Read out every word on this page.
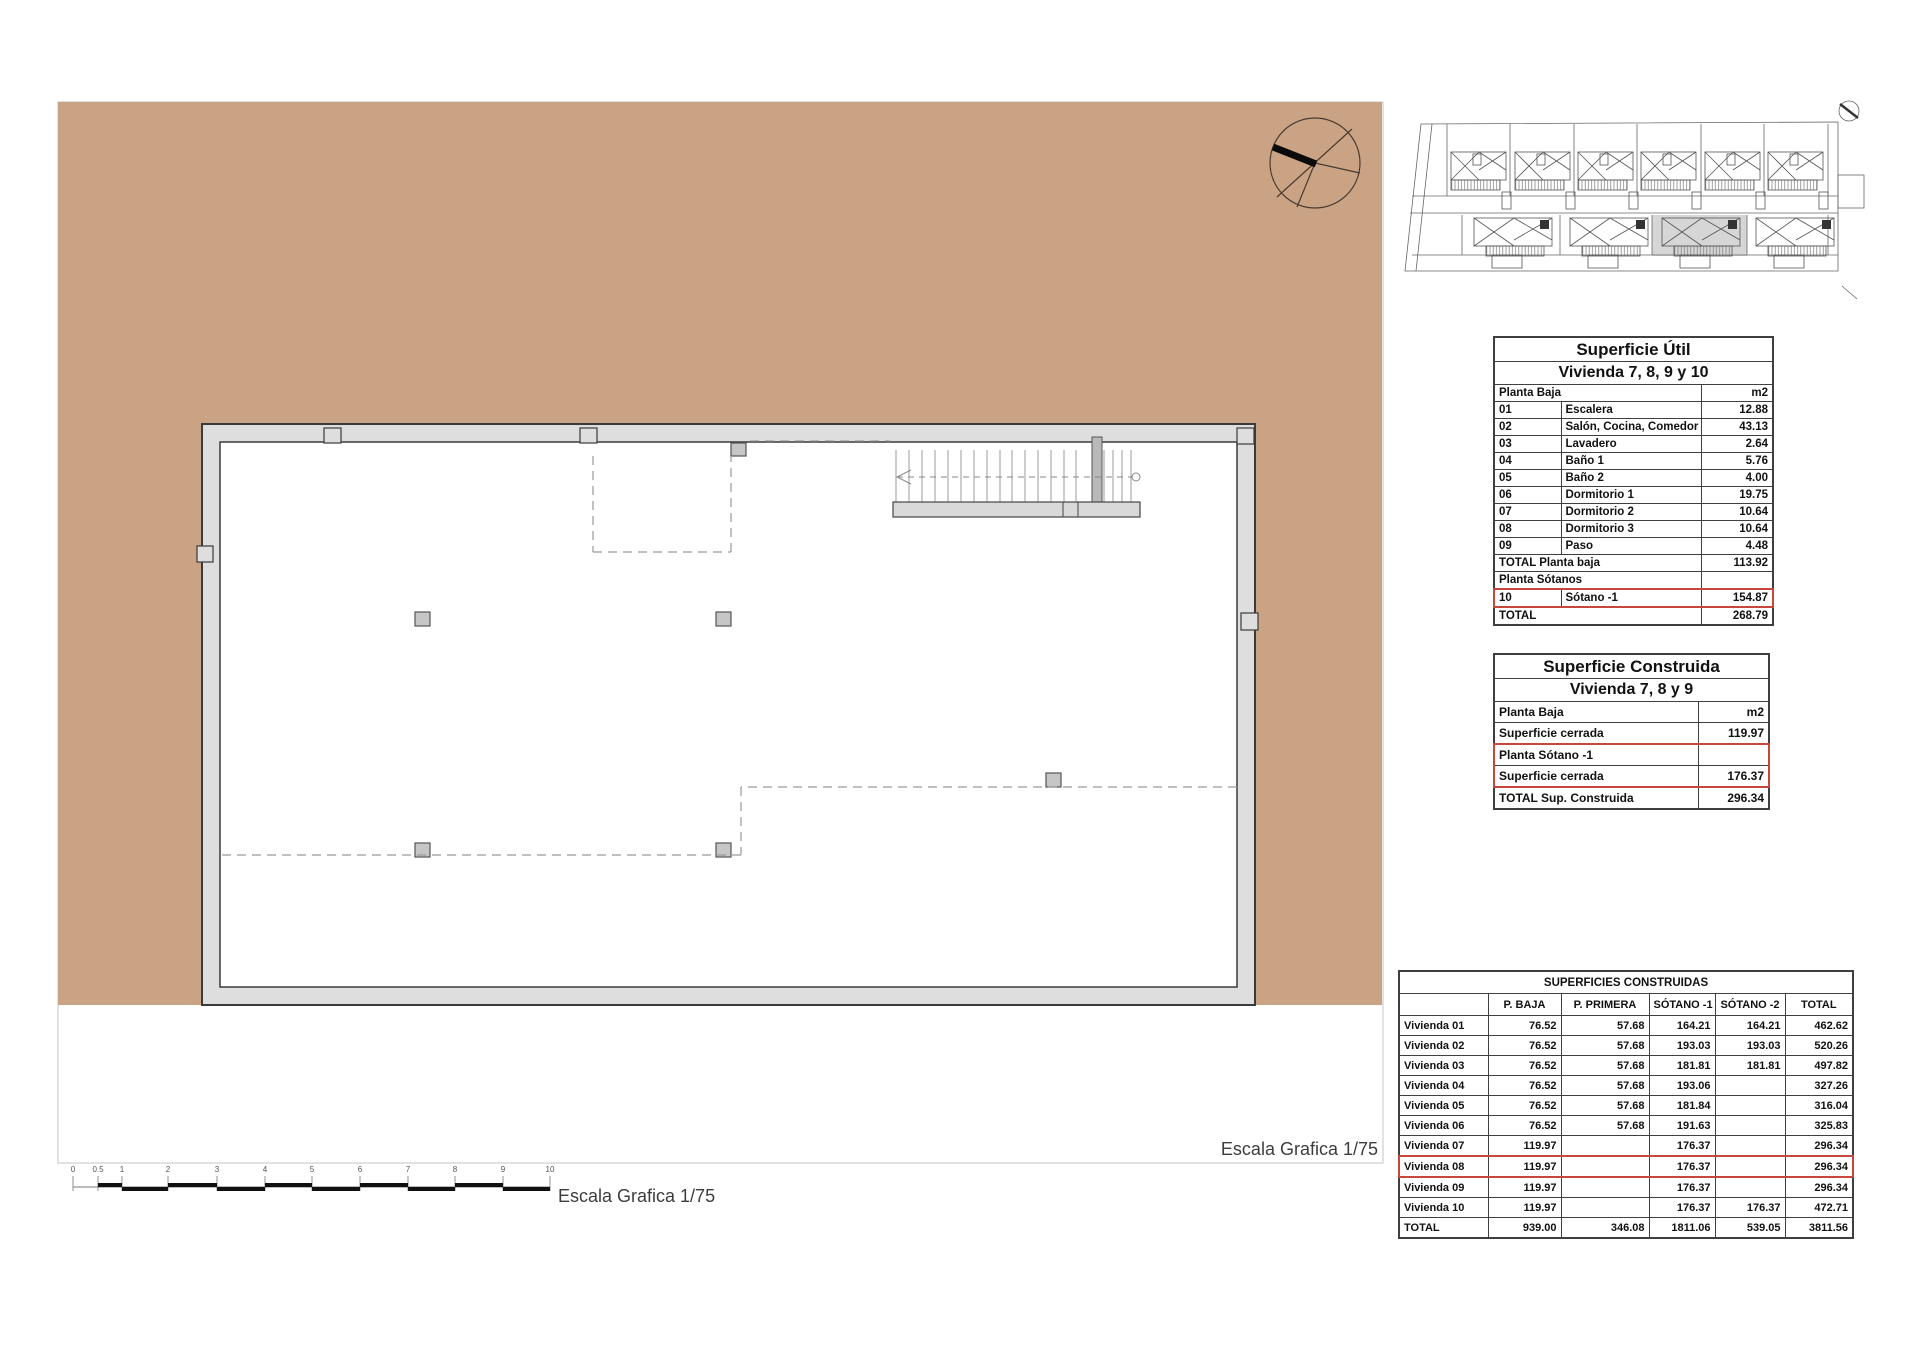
0	0.5	1	2	3	4	5	6	7	8	9	10
Escala Grafica 1/75
Escala Grafica 1/75
Superficie Útil		
Vivienda 7, 8, 9 y 10		
Planta Baja		m2
01	Escalera	12.88
02	Salón, Cocina, Comedor	43.13
03	Lavadero	2.64
04	Baño 1	5.76
05	Baño 2	4.00
06	Dormitorio 1	19.75
07	Dormitorio 2	10.64
08	Dormitorio 3	10.64
09	Paso	4.48
TOTAL Planta baja		113.92
Planta Sótanos		
10	Sótano -1	154.87
TOTAL		268.79
Superficie Construida	
Vivienda 7, 8 y 9	
Planta Baja	m2
Superficie cerrada	119.97
Planta Sótano -1	
Superficie cerrada	176.37
TOTAL Sup. Construida	296.34
SUPERFICIES CONSTRUIDAS					
	P. BAJA	P. PRIMERA	SÓTANO -1	SÓTANO -2	TOTAL
Vivienda 01	76.52	57.68	164.21	164.21	462.62
Vivienda 02	76.52	57.68	193.03	193.03	520.26
Vivienda 03	76.52	57.68	181.81	181.81	497.82
Vivienda 04	76.52	57.68	193.06		327.26
Vivienda 05	76.52	57.68	181.84		316.04
Vivienda 06	76.52	57.68	191.63		325.83
Vivienda 07	119.97		176.37		296.34
Vivienda 08	119.97		176.37		296.34
Vivienda 09	119.97		176.37		296.34
Vivienda 10	119.97		176.37	176.37	472.71
TOTAL	939.00	346.08	1811.06	539.05	3811.56
